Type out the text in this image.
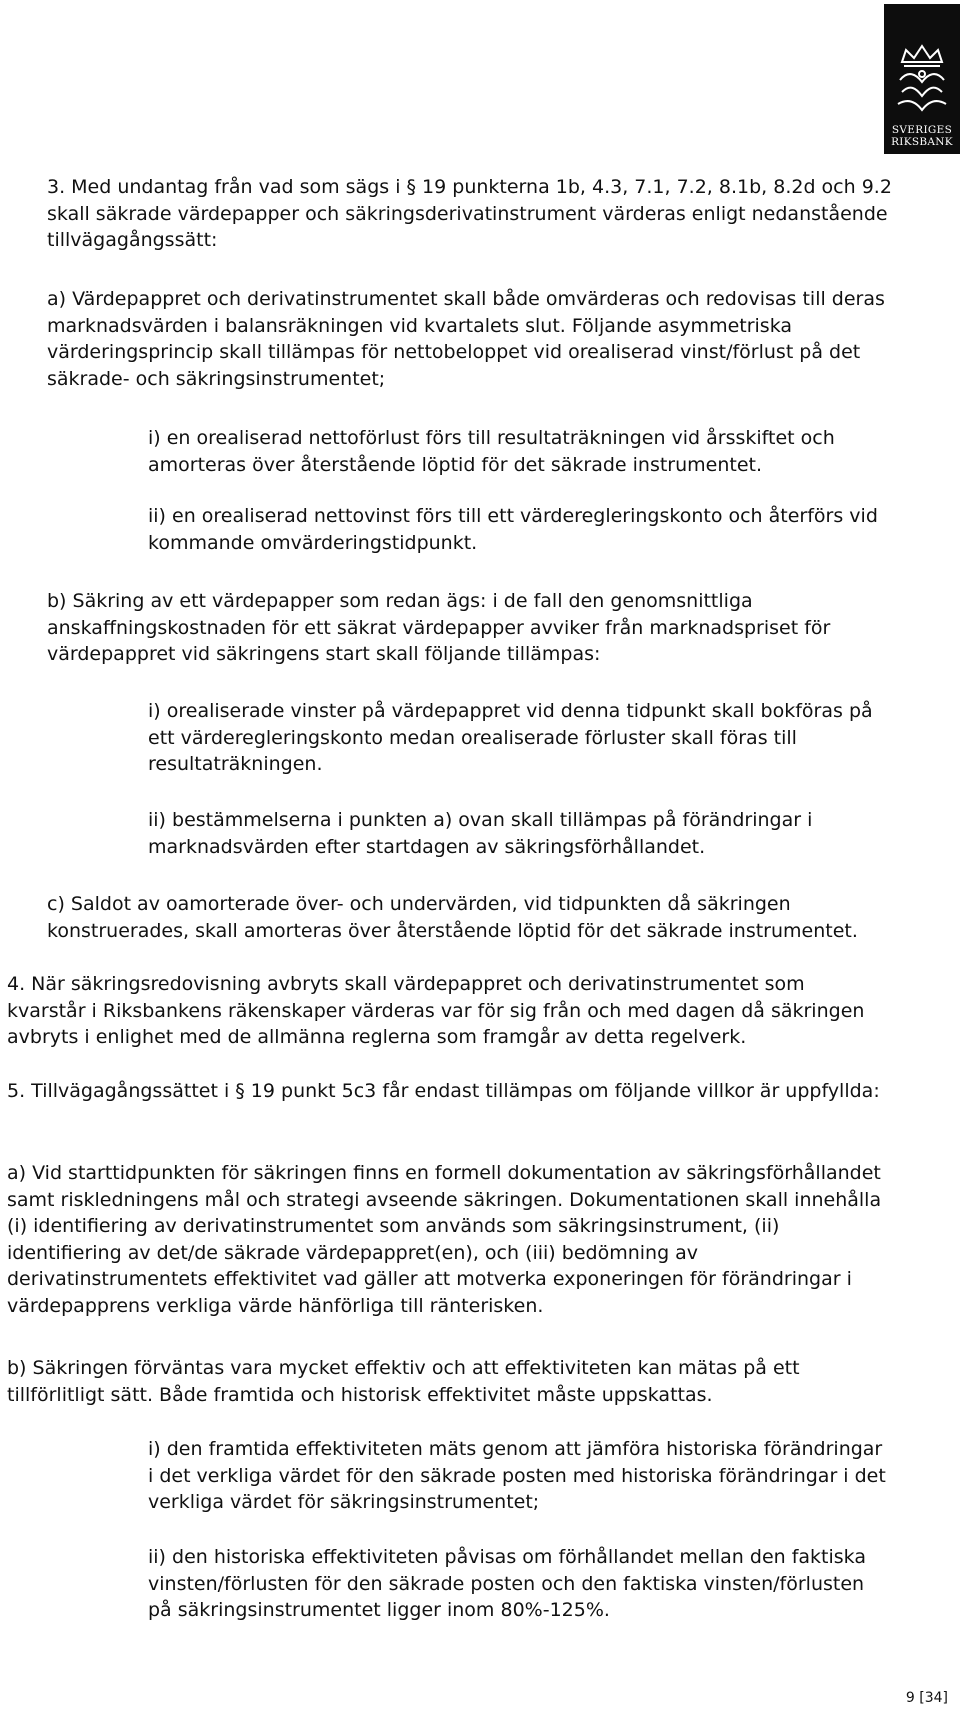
SVERIGES
RIKSBANK

3. Med undantag från vad som sägs i § 19 punkterna 1b, 4.3, 7.1, 7.2, 8.1b, 8.2d och 9.2 skall säkrade värdepapper och säkringsderivatinstrument värderas enligt nedanstående tillvägagångssätt:

a) Värdepappret och derivatinstrumentet skall både omvärderas och redovisas till deras marknadsvärden i balansräkningen vid kvartalets slut. Följande asymmetriska värderingsprincip skall tillämpas för nettobeloppet vid orealiserad vinst/förlust på det säkrade- och säkringsinstrumentet;

i) en orealiserad nettoförlust förs till resultaträkningen vid årsskiftet och amorteras över återstående löptid för det säkrade instrumentet.

ii) en orealiserad nettovinst förs till ett värderegleringskonto och återförs vid kommande omvärderingstidpunkt.

b) Säkring av ett värdepapper som redan ägs: i de fall den genomsnittliga anskaffningskostnaden för ett säkrat värdepapper avviker från marknadspriset för värdepappret vid säkringens start skall följande tillämpas:

i) orealiserade vinster på värdepappret vid denna tidpunkt skall bokföras på ett värderegleringskonto medan orealiserade förluster skall föras till resultaträkningen.

ii) bestämmelserna i punkten a) ovan skall tillämpas på förändringar i marknadsvärden efter startdagen av säkringsförhållandet.

c) Saldot av oamorterade över- och undervärden, vid tidpunkten då säkringen konstruerades, skall amorteras över återstående löptid för det säkrade instrumentet.

4. När säkringsredovisning avbryts skall värdepappret och derivatinstrumentet som kvarstår i Riksbankens räkenskaper värderas var för sig från och med dagen då säkringen avbryts i enlighet med de allmänna reglerna som framgår av detta regelverk.

5. Tillvägagångssättet i § 19 punkt 5c3 får endast tillämpas om följande villkor är uppfyllda:

a) Vid starttidpunkten för säkringen finns en formell dokumentation av säkringsförhållandet samt riskledningens mål och strategi avseende säkringen. Dokumentationen skall innehålla (i) identifiering av derivatinstrumentet som används som säkringsinstrument, (ii) identifiering av det/de säkrade värdepappret(en), och (iii) bedömning av derivatinstrumentets effektivitet vad gäller att motverka exponeringen för förändringar i värdepapprens verkliga värde hänförliga till ränterisken.

b) Säkringen förväntas vara mycket effektiv och att effektiviteten kan mätas på ett tillförlitligt sätt. Både framtida och historisk effektivitet måste uppskattas.

i) den framtida effektiviteten mäts genom att jämföra historiska förändringar i det verkliga värdet för den säkrade posten med historiska förändringar i det verkliga värdet för säkringsinstrumentet;

ii) den historiska effektiviteten påvisas om förhållandet mellan den faktiska vinsten/förlusten för den säkrade posten och den faktiska vinsten/förlusten på säkringsinstrumentet ligger inom 80%-125%.

9 [34]
